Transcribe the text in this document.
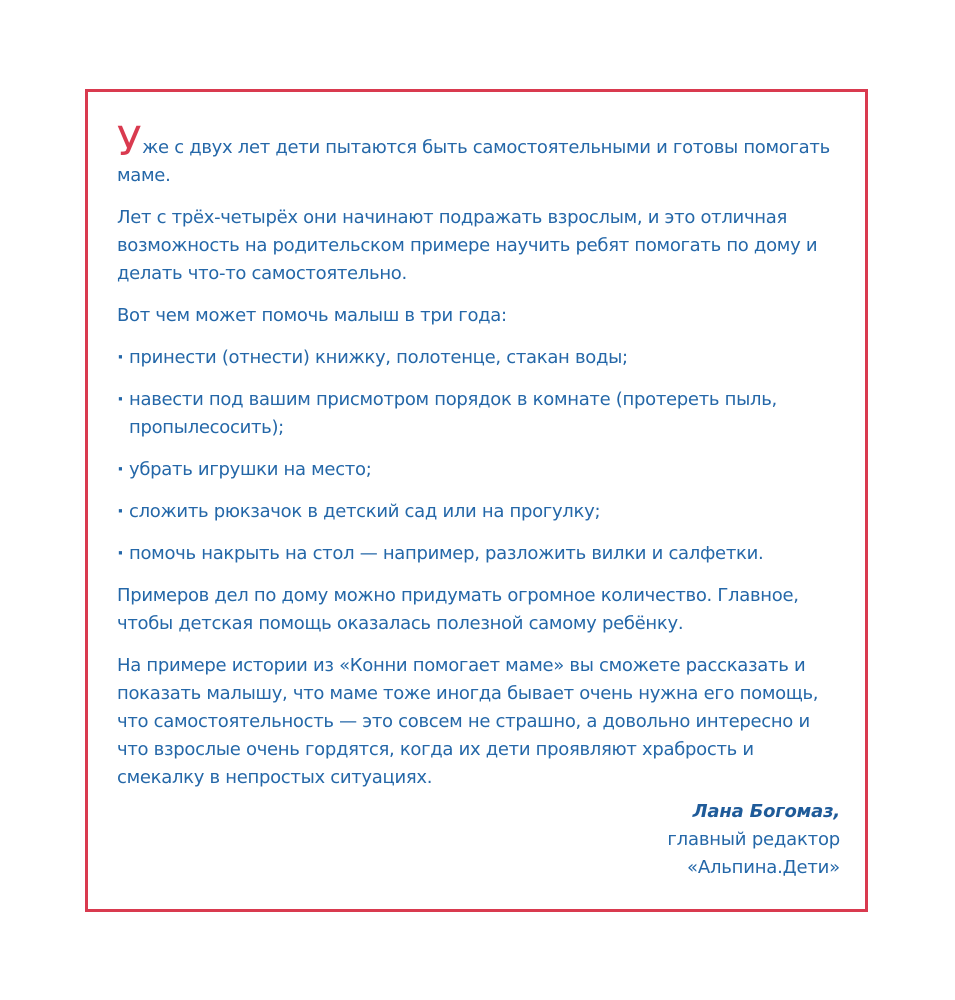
Уже с двух лет дети пытаются быть самостоятельными и готовы помогать маме.

Лет с трёх-четырёх они начинают подражать взрослым, и это отличная возможность на родительском примере научить ребят помогать по дому и делать что-то самостоятельно.

Вот чем может помочь малыш в три года:

· принести (отнести) книжку, полотенце, стакан воды;
· навести под вашим присмотром порядок в комнате (протереть пыль, пропылесосить);
· убрать игрушки на место;
· сложить рюкзачок в детский сад или на прогулку;
· помочь накрыть на стол — например, разложить вилки и салфетки.

Примеров дел по дому можно придумать огромное количество. Главное, чтобы детская помощь оказалась полезной самому ребёнку.

На примере истории из «Конни помогает маме» вы сможете рассказать и показать малышу, что маме тоже иногда бывает очень нужна его помощь, что самостоятельность — это совсем не страшно, а довольно интересно и что взрослые очень гордятся, когда их дети проявляют храбрость и смекалку в непростых ситуациях.

Лана Богомаз,
главный редактор
«Альпина.Дети»
